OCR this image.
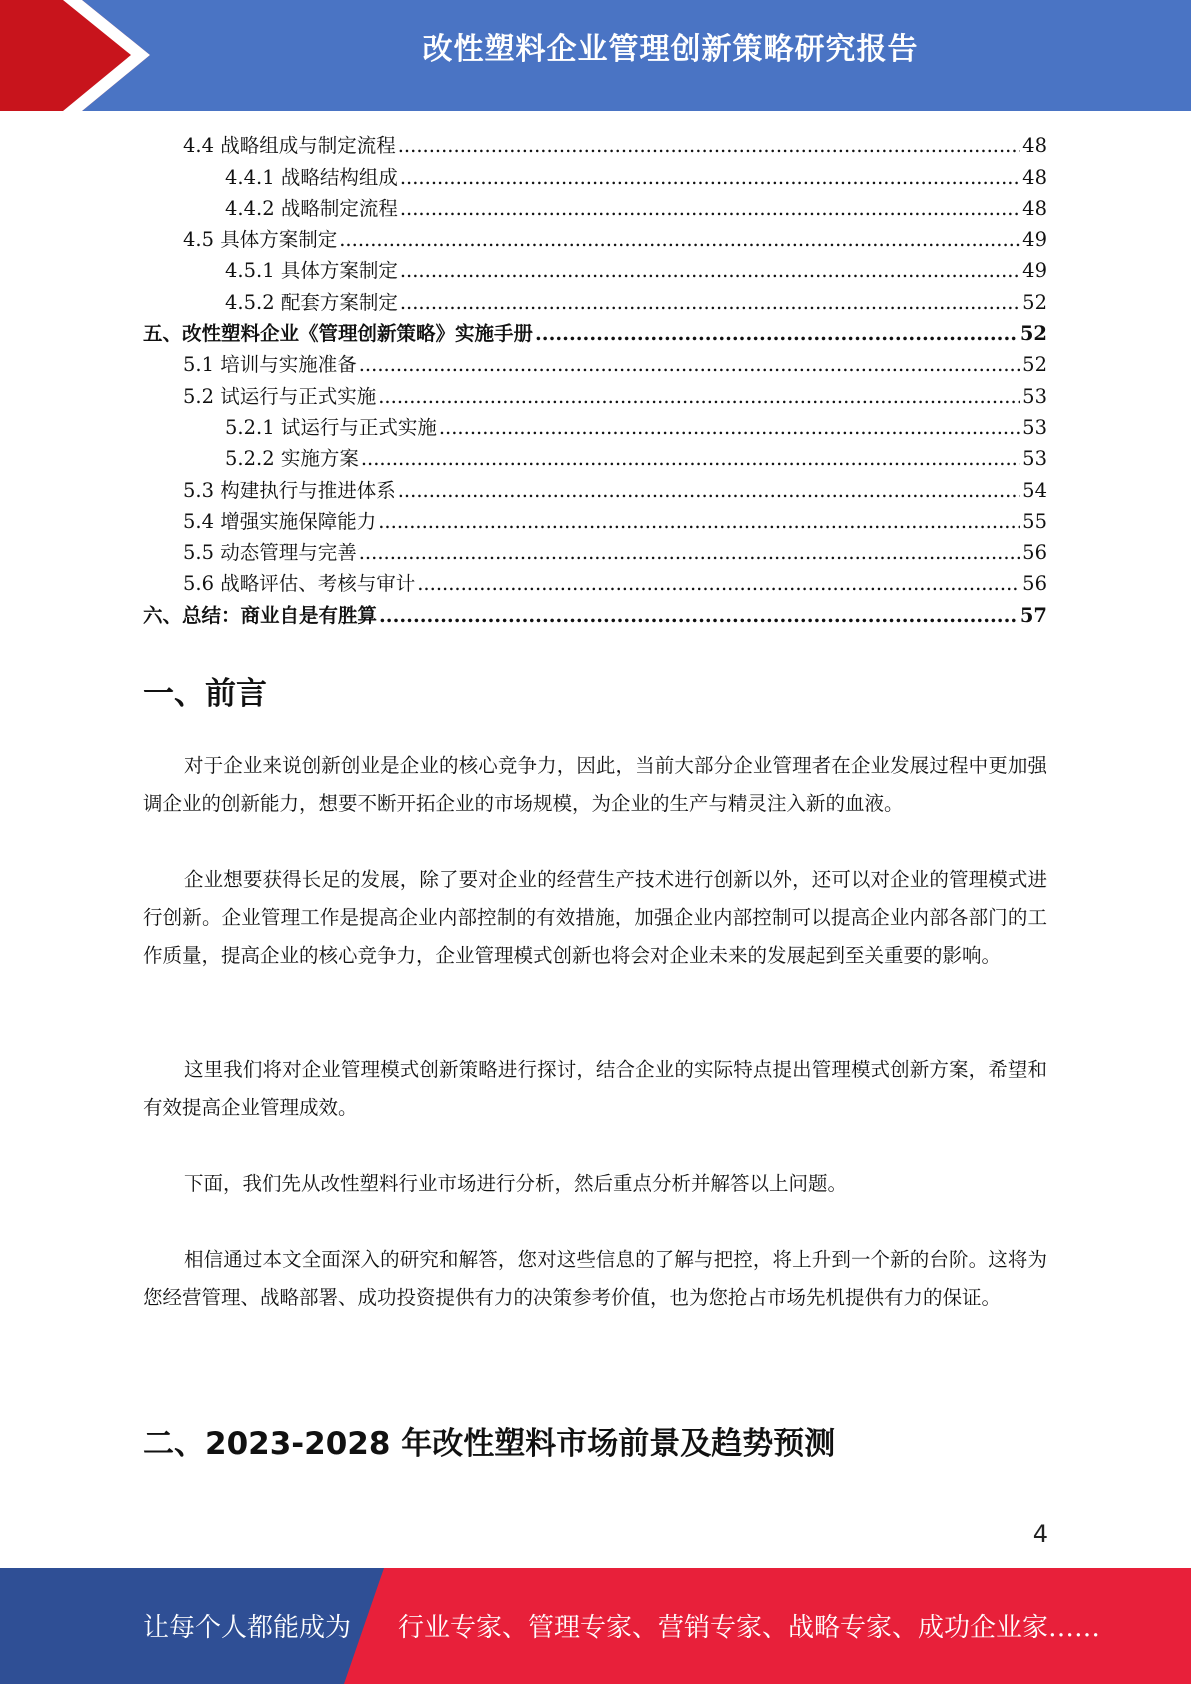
改性塑料企业管理创新策略研究报告
4.4 战略组成与制定流程 .....	48
4.4.1 战略结构组成 .....	48
4.4.2 战略制定流程 .....	48
4.5 具体方案制定 .....	49
4.5.1 具体方案制定 .....	49
4.5.2 配套方案制定 .....	52
五、改性塑料企业《管理创新策略》实施手册 .....	52
5.1 培训与实施准备 .....	52
5.2 试运行与正式实施 .....	53
5.2.1 试运行与正式实施 .....	53
5.2.2 实施方案 .....	53
5.3 构建执行与推进体系 .....	54
5.4 增强实施保障能力 .....	55
5.5 动态管理与完善 .....	56
5.6 战略评估、考核与审计 .....	56
六、总结：商业自是有胜算 .....	57
一、前言

对于企业来说创新创业是企业的核心竞争力，因此，当前大部分企业管理者在企业发展过程中更加强调企业的创新能力，想要不断开拓企业的市场规模，为企业的生产与精灵注入新的血液。

企业想要获得长足的发展，除了要对企业的经营生产技术进行创新以外，还可以对企业的管理模式进行创新。企业管理工作是提高企业内部控制的有效措施，加强企业内部控制可以提高企业内部各部门的工作质量，提高企业的核心竞争力，企业管理模式创新也将会对企业未来的发展起到至关重要的影响。

这里我们将对企业管理模式创新策略进行探讨，结合企业的实际特点提出管理模式创新方案，希望和有效提高企业管理成效。

下面，我们先从改性塑料行业市场进行分析，然后重点分析并解答以上问题。

相信通过本文全面深入的研究和解答，您对这些信息的了解与把控，将上升到一个新的台阶。这将为您经营管理、战略部署、成功投资提供有力的决策参考价值，也为您抢占市场先机提供有力的保证。

二、2023-2028 年改性塑料市场前景及趋势预测
4
让每个人都能成为 行业专家、管理专家、营销专家、战略专家、成功企业家……
